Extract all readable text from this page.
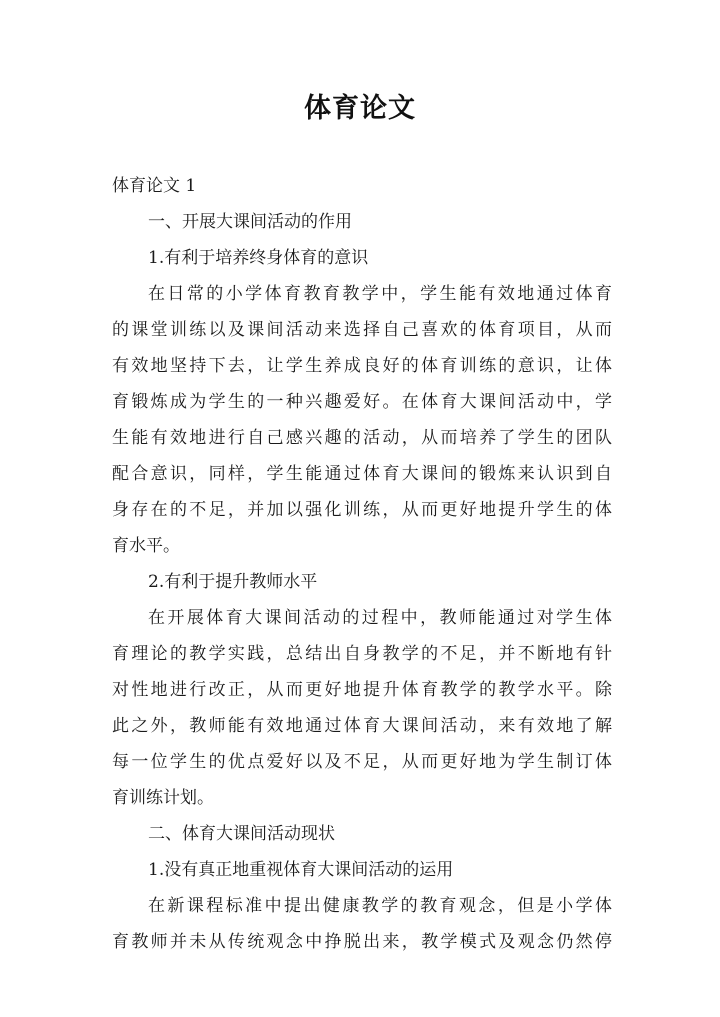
体育论文
体育论文 1
一、开展大课间活动的作用
1.有利于培养终身体育的意识
在日常的小学体育教育教学中，学生能有效地通过体育
的课堂训练以及课间活动来选择自己喜欢的体育项目，从而
有效地坚持下去，让学生养成良好的体育训练的意识，让体
育锻炼成为学生的一种兴趣爱好。在体育大课间活动中，学
生能有效地进行自己感兴趣的活动，从而培养了学生的团队
配合意识，同样，学生能通过体育大课间的锻炼来认识到自
身存在的不足，并加以强化训练，从而更好地提升学生的体
育水平。
2.有利于提升教师水平
在开展体育大课间活动的过程中，教师能通过对学生体
育理论的教学实践，总结出自身教学的不足，并不断地有针
对性地进行改正，从而更好地提升体育教学的教学水平。除
此之外，教师能有效地通过体育大课间活动，来有效地了解
每一位学生的优点爱好以及不足，从而更好地为学生制订体
育训练计划。
二、体育大课间活动现状
1.没有真正地重视体育大课间活动的运用
在新课程标准中提出健康教学的教育观念，但是小学体
育教师并未从传统观念中挣脱出来，教学模式及观念仍然停
